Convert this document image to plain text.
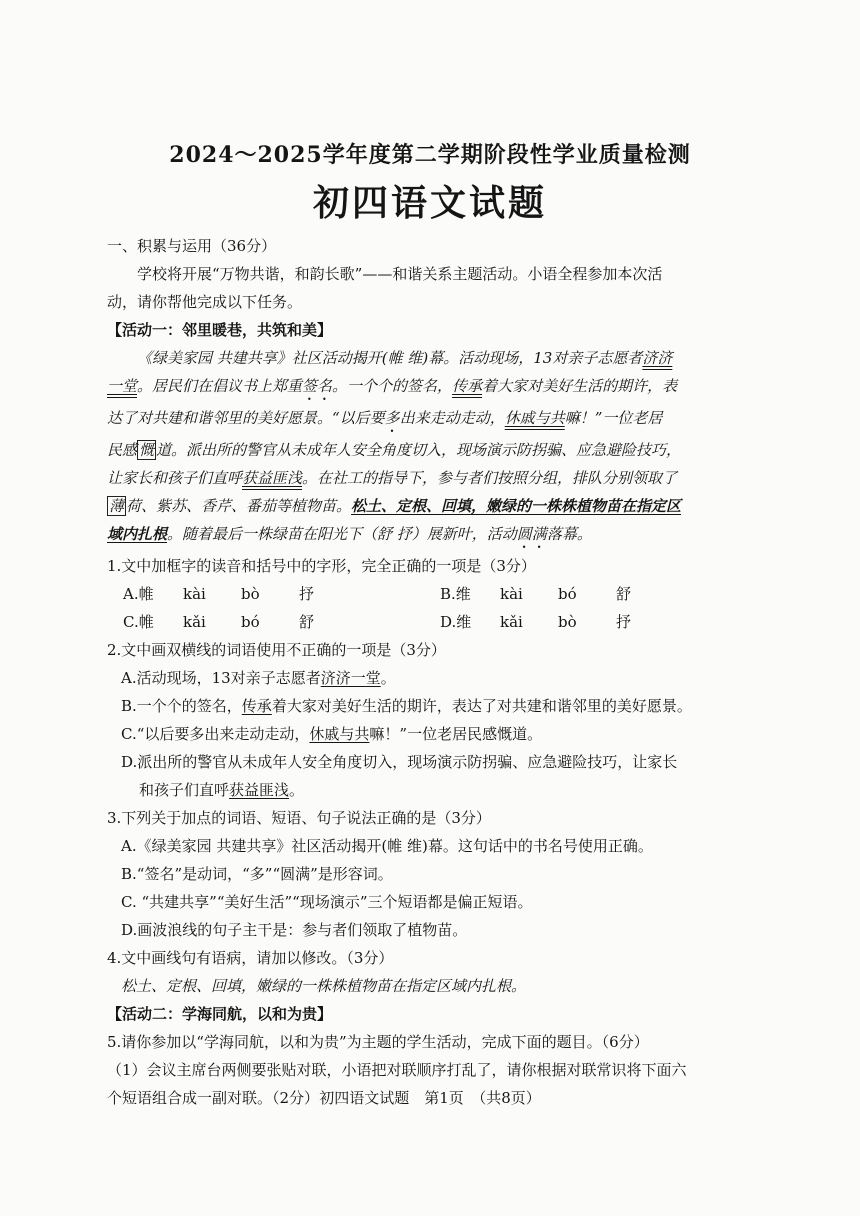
2024～2025学年度第二学期阶段性学业质量检测
初四语文试题

一、积累与运用（36分）

学校将开展“万物共谐，和韵长歌”——和谐关系主题活动。小语全程参加本次活

动，请你帮他完成以下任务。

【活动一：邻里暖巷，共筑和美】

《绿美家园 共建共享》社区活动揭开(帷 维)幕。活动现场，13对亲子志愿者济济

一堂。居民们在倡议书上郑重签名。一个个的签名，传承着大家对美好生活的期许，表

达了对共建和谐邻里的美好愿景。“以后要多出来走动走动，休戚与共嘛！”一位老居

民感 慨 道。派出所的警官从未成年人安全角度切入，现场演示防拐骗、应急避险技巧，

让家长和孩子们直呼获益匪浅。在社工的指导下，参与者们按照分组，排队分别领取了

薄 荷、紫苏、香芹、番茄等植物苗。松土、定根、回填，嫩绿的一株株植物苗在指定区

域内扎根。随着最后一株绿苗在阳光下（舒 抒）展新叶，活动圆满落幕。

1.文中加框字的读音和括号中的字形，完全正确的一项是（3分）

A.帷	kài	bò	抒	B.维	kài	bó	舒
C.帷	kǎi	bó	舒	D.维	kǎi	bò	抒

2.文中画双横线的词语使用不正确的一项是（3分）

A.活动现场，13对亲子志愿者济济一堂。

B.一个个的签名，传承着大家对美好生活的期许，表达了对共建和谐邻里的美好愿景。

C.“以后要多出来走动走动，休戚与共嘛！”一位老居民感慨道。

D.派出所的警官从未成年人安全角度切入，现场演示防拐骗、应急避险技巧，让家长

和孩子们直呼获益匪浅。

3.下列关于加点的词语、短语、句子说法正确的是（3分）

A.《绿美家园 共建共享》社区活动揭开(帷 维)幕。这句话中的书名号使用正确。

B.“签名”是动词，“多”“圆满”是形容词。

C. “共建共享”“美好生活”“现场演示”三个短语都是偏正短语。

D.画波浪线的句子主干是：参与者们领取了植物苗。

4.文中画线句有语病，请加以修改。（3分）

松土、定根、回填，嫩绿的一株株植物苗在指定区域内扎根。

【活动二：学海同航，以和为贵】

5.请你参加以“学海同航，以和为贵”为主题的学生活动，完成下面的题目。（6分）

（1）会议主席台两侧要张贴对联，小语把对联顺序打乱了，请你根据对联常识将下面六

个短语组合成一副对联。（2分） 初四语文试题　第1页　（共8页）
